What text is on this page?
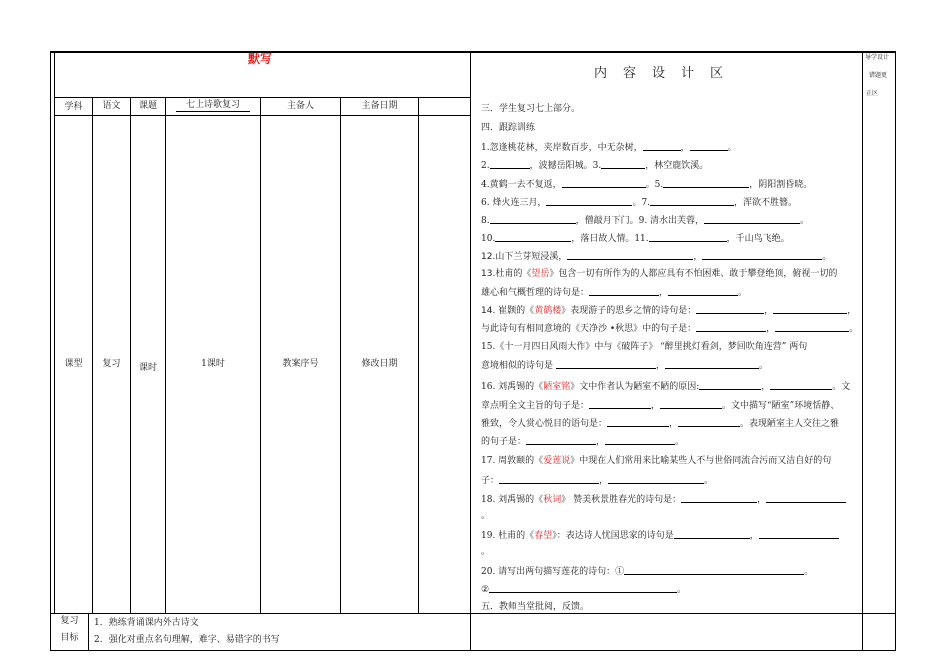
默写
学科	语文	课题	七上诗歌复习	主备人	主备日期
课型	复习	课时	1课时	教案序号	修改日期
复习
目标
1．熟练背诵课内外古诗文
2．强化对重点名句理解，难字、易错字的书写
内容设计区
导学设计
错题更
正区
三．学生复习七上部分。
四．跟踪训练
1.忽逢桃花林，夹岸数百步，中无杂树，	，	。
2.	，波撼岳阳城。3.	，林空鹿饮溪。
4.黄鹤一去不复返，	。5.	，阴阳割昏晓。
6. 烽火连三月，	。7.	，浑欲不胜簪。
8.	，僧敲月下门。9. 清水出芙蓉，	。
10.	，落日故人情。11.	，千山鸟飞绝。
12.山下兰芽短浸溪，	，	。
13.杜甫的《望岳》包含一切有所作为的人都应具有不怕困难、敢于攀登绝顶，俯视一切的
雄心和气概哲理的诗句是：	，	。
14. 崔颢的《黄鹤楼》表现游子的思乡之情的诗句是：	，	，
与此诗句有相同意境的《天净沙 •秋思》中的句子是：	，	。
15.《十一月四日风雨大作》中与《破阵子》 “醉里挑灯看剑，梦回吹角连营” 两句
意境相似的诗句是	，	。
16. 刘禹锡的《陋室铭》文中作者认为陋室不陋的原因:	，	。文
章点明全文主旨的句子是：	，	。文中描写“陋室”环境恬静、
雅致，令人赏心悦目的语句是：	，	。表现陋室主人交往之雅
的句子是：	，	。
17. 周敦颐的《爱莲说》中现在人们常用来比喻某些人不与世俗同流合污而又洁自好的句
子：	，	。
18. 刘禹锡的《秋词》 赞美秋景胜春光的诗句是：	，
。
19. 杜甫的《春望》：表达诗人忧国思家的诗句是	，
。
20. 请写出两句描写莲花的诗句：①	。
②	。
五．教师当堂批阅，反馈。
